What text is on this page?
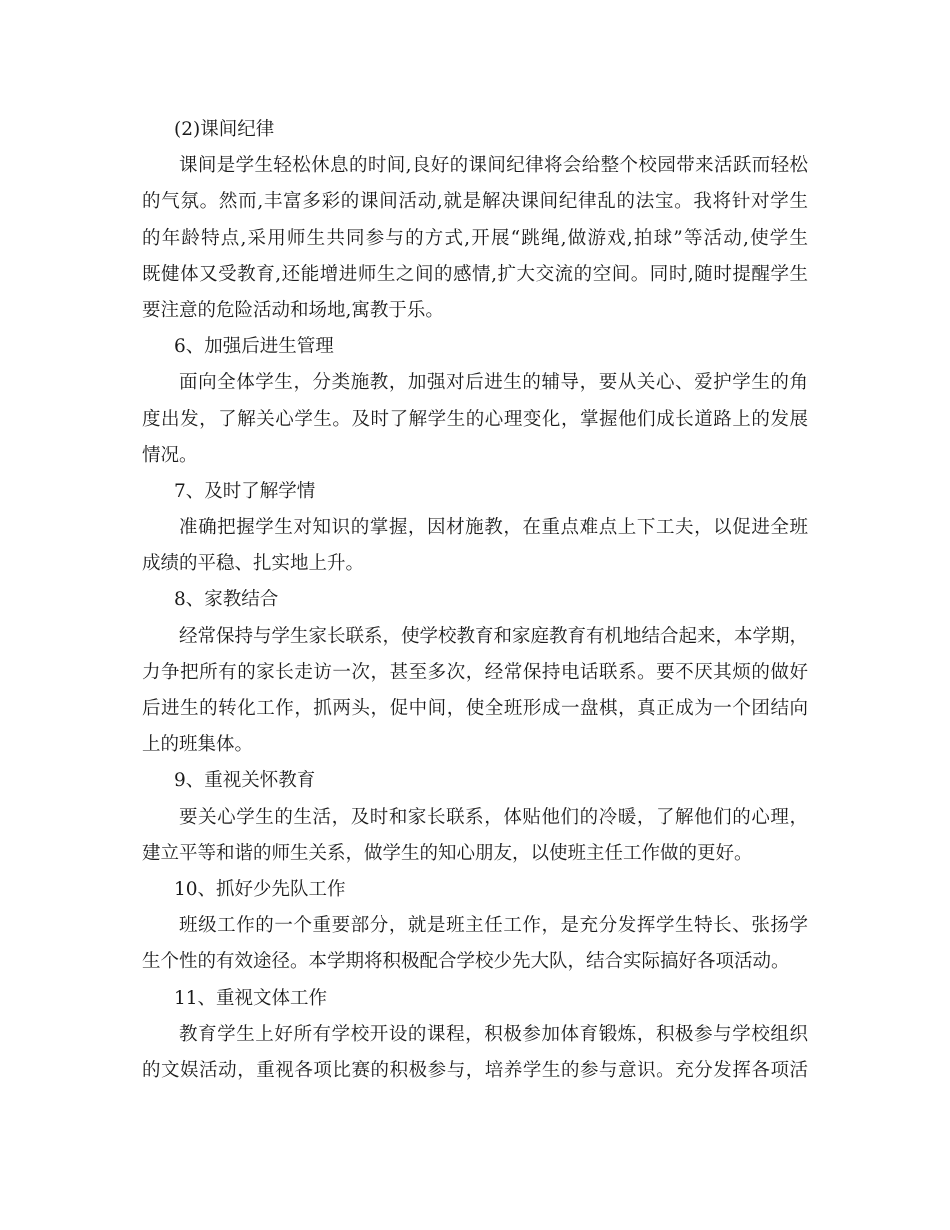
(2)课间纪律
课间是学生轻松休息的时间,良好的课间纪律将会给整个校园带来活跃而轻松
的气氛。然而,丰富多彩的课间活动,就是解决课间纪律乱的法宝。我将针对学生
的年龄特点,采用师生共同参与的方式,开展“跳绳,做游戏,拍球”等活动,使学生
既健体又受教育,还能增进师生之间的感情,扩大交流的空间。同时,随时提醒学生
要注意的危险活动和场地,寓教于乐。
6、加强后进生管理
面向全体学生，分类施教，加强对后进生的辅导，要从关心、爱护学生的角
度出发，了解关心学生。及时了解学生的心理变化，掌握他们成长道路上的发展
情况。
7、及时了解学情
准确把握学生对知识的掌握，因材施教，在重点难点上下工夫，以促进全班
成绩的平稳、扎实地上升。
8、家教结合
经常保持与学生家长联系，使学校教育和家庭教育有机地结合起来，本学期，
力争把所有的家长走访一次，甚至多次，经常保持电话联系。要不厌其烦的做好
后进生的转化工作，抓两头，促中间，使全班形成一盘棋，真正成为一个团结向
上的班集体。
9、重视关怀教育
要关心学生的生活，及时和家长联系，体贴他们的冷暖，了解他们的心理，
建立平等和谐的师生关系，做学生的知心朋友，以使班主任工作做的更好。
10、抓好少先队工作
班级工作的一个重要部分，就是班主任工作，是充分发挥学生特长、张扬学
生个性的有效途径。本学期将积极配合学校少先大队，结合实际搞好各项活动。
11、重视文体工作
教育学生上好所有学校开设的课程，积极参加体育锻炼，积极参与学校组织
的文娱活动，重视各项比赛的积极参与，培养学生的参与意识。充分发挥各项活
